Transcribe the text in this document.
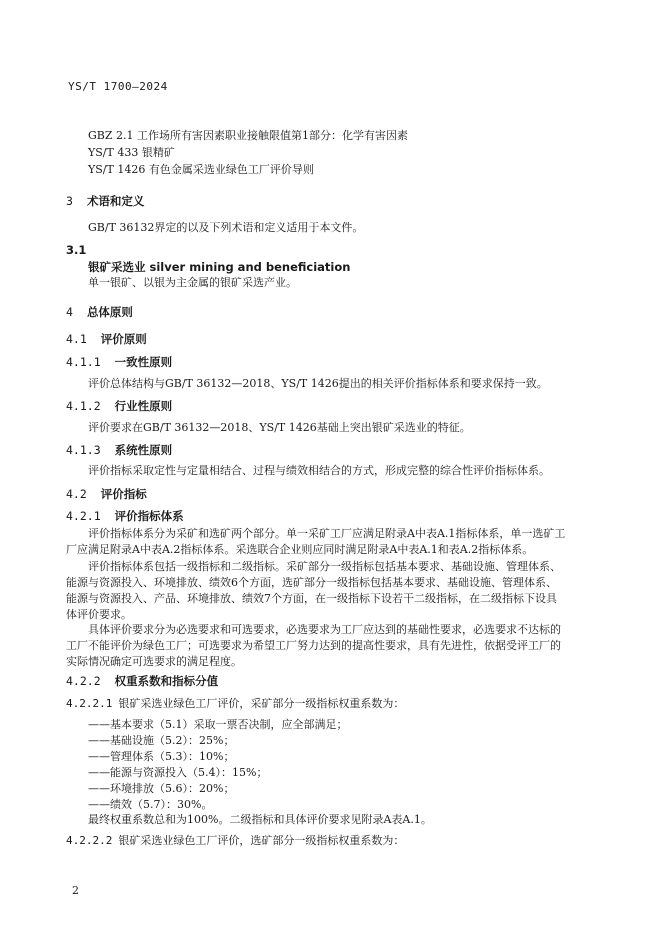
YS/T 1700—2024
GBZ 2.1 工作场所有害因素职业接触限值第1部分：化学有害因素
YS/T 433 银精矿
YS/T 1426 有色金属采选业绿色工厂评价导则
3 术语和定义
GB/T 36132界定的以及下列术语和定义适用于本文件。
3.1
银矿采选业 silver mining and beneficiation
单一银矿、以银为主金属的银矿采选产业。
4 总体原则
4.1 评价原则
4.1.1 一致性原则
评价总体结构与GB/T 36132—2018、YS/T 1426提出的相关评价指标体系和要求保持一致。
4.1.2 行业性原则
评价要求在GB/T 36132—2018、YS/T 1426基础上突出银矿采选业的特征。
4.1.3 系统性原则
评价指标采取定性与定量相结合、过程与绩效相结合的方式，形成完整的综合性评价指标体系。
4.2 评价指标
4.2.1 评价指标体系
评价指标体系分为采矿和选矿两个部分。单一采矿工厂应满足附录A中表A.1指标体系，单一选矿工
厂应满足附录A中表A.2指标体系。采选联合企业则应同时满足附录A中表A.1和表A.2指标体系。
评价指标体系包括一级指标和二级指标。采矿部分一级指标包括基本要求、基础设施、管理体系、
能源与资源投入、环境排放、绩效6个方面，选矿部分一级指标包括基本要求、基础设施、管理体系、
能源与资源投入、产品、环境排放、绩效7个方面，在一级指标下设若干二级指标，在二级指标下设具
体评价要求。
具体评价要求分为必选要求和可选要求，必选要求为工厂应达到的基础性要求，必选要求不达标的
工厂不能评价为绿色工厂；可选要求为希望工厂努力达到的提高性要求，具有先进性，依据受评工厂的
实际情况确定可选要求的满足程度。
4.2.2 权重系数和指标分值
4.2.2.1 银矿采选业绿色工厂评价，采矿部分一级指标权重系数为：
——基本要求（5.1）采取一票否决制，应全部满足；
——基础设施（5.2）：25%；
——管理体系（5.3）：10%；
——能源与资源投入（5.4）：15%；
——环境排放（5.6）：20%；
——绩效（5.7）：30%。
最终权重系数总和为100%。二级指标和具体评价要求见附录A表A.1。
4.2.2.2 银矿采选业绿色工厂评价，选矿部分一级指标权重系数为：
2
